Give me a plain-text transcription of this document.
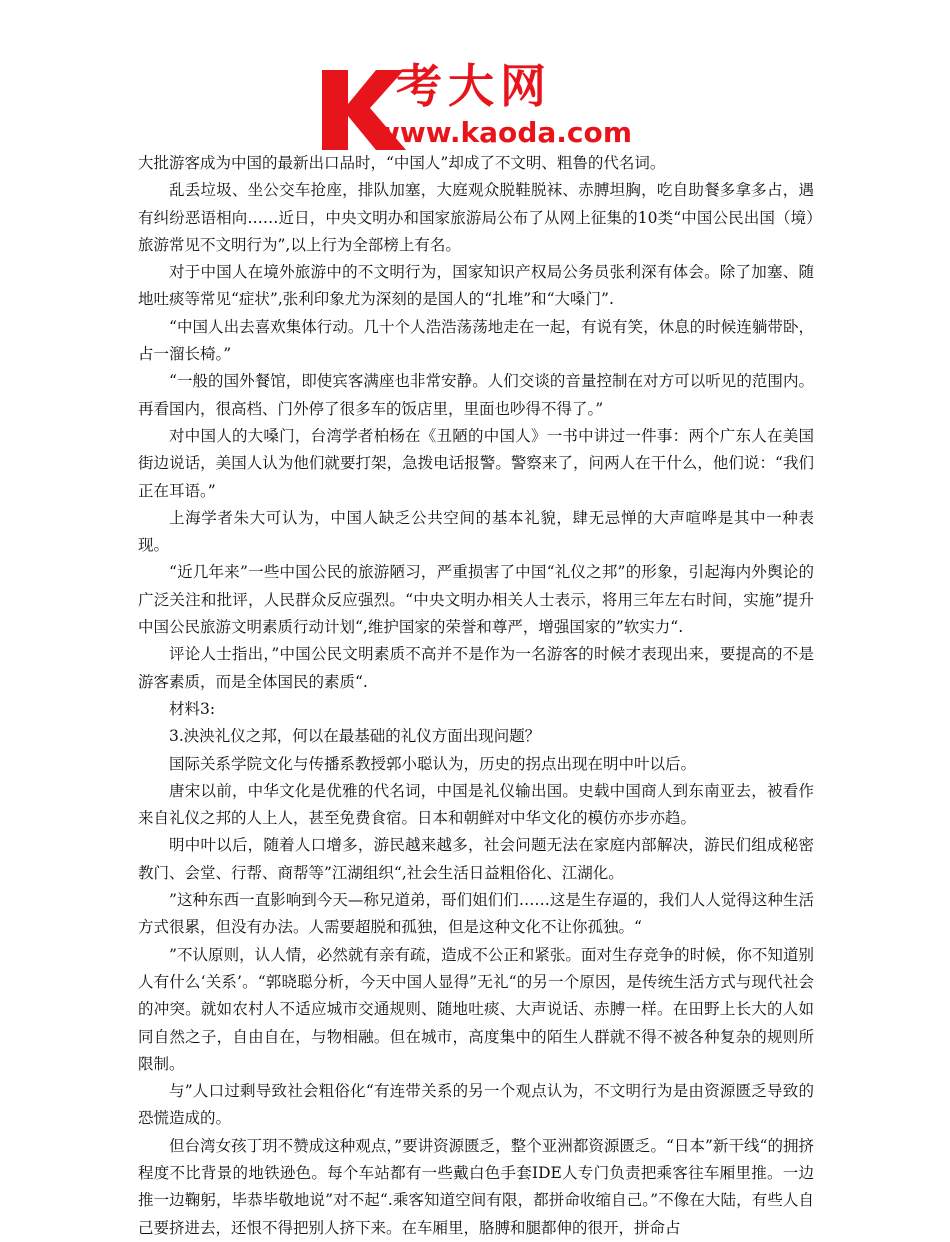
考大网
www.kaoda.com

大批游客成为中国的最新出口品时，“中国人”却成了不文明、粗鲁的代名词。

乱丢垃圾、坐公交车抢座，排队加塞，大庭观众脱鞋脱袜、赤膊坦胸，吃自助餐多拿多占，遇有纠纷恶语相向……近日，中央文明办和国家旅游局公布了从网上征集的10类“中国公民出国（境）旅游常见不文明行为”,以上行为全部榜上有名。

对于中国人在境外旅游中的不文明行为，国家知识产权局公务员张利深有体会。除了加塞、随地吐痰等常见“症状”,张利印象尤为深刻的是国人的“扎堆”和“大嗓门”.

“中国人出去喜欢集体行动。几十个人浩浩荡荡地走在一起，有说有笑，休息的时候连躺带卧，占一溜长椅。”

“一般的国外餐馆，即使宾客满座也非常安静。人们交谈的音量控制在对方可以听见的范围内。再看国内，很高档、门外停了很多车的饭店里，里面也吵得不得了。”

对中国人的大嗓门，台湾学者柏杨在《丑陋的中国人》一书中讲过一件事：两个广东人在美国街边说话，美国人认为他们就要打架，急拨电话报警。警察来了，问两人在干什么，他们说：“我们正在耳语。”

上海学者朱大可认为，中国人缺乏公共空间的基本礼貌，肆无忌惮的大声喧哗是其中一种表现。

“近几年来”一些中国公民的旅游陋习，严重损害了中国“礼仪之邦”的形象，引起海内外舆论的广泛关注和批评，人民群众反应强烈。“中央文明办相关人士表示，将用三年左右时间，实施”提升中国公民旅游文明素质行动计划“,维护国家的荣誉和尊严，增强国家的”软实力“.

评论人士指出，”中国公民文明素质不高并不是作为一名游客的时候才表现出来，要提高的不是游客素质，而是全体国民的素质“.

材料3:

3.泱泱礼仪之邦，何以在最基础的礼仪方面出现问题？

国际关系学院文化与传播系教授郭小聪认为，历史的拐点出现在明中叶以后。

唐宋以前，中华文化是优雅的代名词，中国是礼仪输出国。史载中国商人到东南亚去，被看作来自礼仪之邦的人上人，甚至免费食宿。日本和朝鲜对中华文化的模仿亦步亦趋。

明中叶以后，随着人口增多，游民越来越多，社会问题无法在家庭内部解决，游民们组成秘密教门、会堂、行帮、商帮等”江湖组织“,社会生活日益粗俗化、江湖化。

”这种东西一直影响到今天—称兄道弟，哥们姐们们……这是生存逼的，我们人人觉得这种生活方式很累，但没有办法。人需要超脱和孤独，但是这种文化不让你孤独。“

”不认原则，认人情，必然就有亲有疏，造成不公正和紧张。面对生存竞争的时候，你不知道别人有什么‘关系’。“郭晓聪分析，今天中国人显得”无礼“的另一个原因，是传统生活方式与现代社会的冲突。就如农村人不适应城市交通规则、随地吐痰、大声说话、赤膊一样。在田野上长大的人如同自然之子，自由自在，与物相融。但在城市，高度集中的陌生人群就不得不被各种复杂的规则所限制。

与”人口过剩导致社会粗俗化“有连带关系的另一个观点认为，不文明行为是由资源匮乏导致的恐慌造成的。

但台湾女孩丁玥不赞成这种观点，”要讲资源匮乏，整个亚洲都资源匮乏。“日本”新干线“的拥挤程度不比背景的地铁逊色。每个车站都有一些戴白色手套IDE人专门负责把乘客往车厢里推。一边推一边鞠躬，毕恭毕敬地说”对不起“.乘客知道空间有限，都拼命收缩自己。”不像在大陆，有些人自己要挤进去，还恨不得把别人挤下来。在车厢里，胳膊和腿都伸的很开，拼命占
